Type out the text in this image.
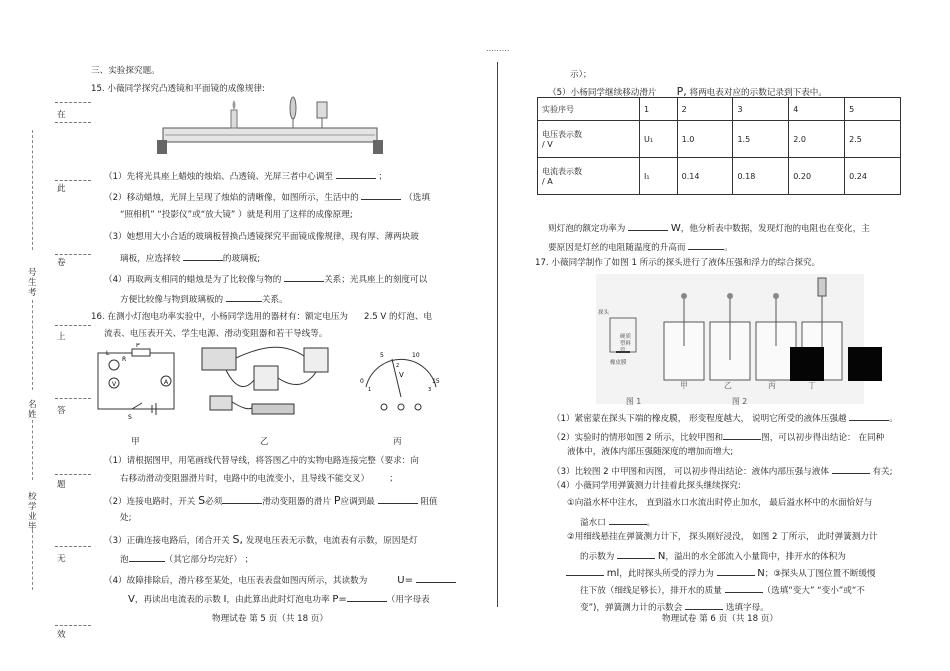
………
在
此
卷
上
答
题
无
效
号生考
名姓
校学业毕
三、实验探究题。
15. 小薇同学探究凸透镜和平面镜的成像规律:
（1）先将光具座上蜡烛的烛焰、凸透镜、光屏三者中心调至	；
（2）移动蜡烛，光屏上呈现了烛焰的清晰像，如图所示，生活中的	（选填
“照相机” “投影仪”或“放大镜” ）就是利用了这样的成像原理;
（3）她想用大小合适的玻璃板替换凸透镜探究平面镜成像规律，现有厚、薄两块玻
璃板，应选择较	的玻璃板;
（4）再取两支相同的蜡烛是为了比较像与物的	关系；光具座上的刻度可以
方便比较像与物到玻璃板的	关系。
16. 在测小灯泡电功率实验中，小杨同学选用的器材有：额定电压为 2.5 V 的灯泡、电
流表、电压表开关、学生电源、滑动变阻器和若干导线等。
L
V
P
A
R
S
0
5	10
15
V
1
2
3
甲	乙	丙
（1）请根据图甲，用笔画线代替导线，将答图乙中的实物电路连接完整（要求：向
右移动滑动变阻器滑片时，电路中的电流变小，且导线不能交叉） ；
（2）连接电路时，开关 S必须	滑动变阻器的滑片 P应调到最	阻值
处;
（3）正确连接电路后，闭合开关 S, 发现电压表无示数，电流表有示数，原因是灯
泡	（其它部分均完好） ；
（4）故障排除后，滑片移至某处，电压表表盘如图丙所示，其读数为	U=
V，再读出电流表的示数 I，由此算出此时灯泡电功率 P=	（用字母表
物理试卷 第 5 页（共 18 页）
示）；
（5）小杨同学继续移动滑片 P, 将两电表对应的示数记录到下表中。
实验序号	1	2	3	4	5
电压表示数
/ V	U₁	1.0	1.5	2.0	2.5
电流表示数
/ A	I₁	0.14	0.18	0.20	0.24
则灯泡的额定功率为	W，他分析表中数据，发现灯泡的电阻也在变化，主
要原因是灯丝的电阻随温度的升高而	。
17. 小薇同学制作了如图 1 所示的探头进行了液体压强和浮力的综合探究。
探头
硬质
塑料
管
橡皮膜
图 1	图 2
甲	乙	丙	丁
（1）紧密蒙在探头下端的橡皮膜， 形变程度越大， 说明它所受的液体压强越	。
（2）实验时的情形如图 2 所示，比较甲图和	图，可以初步得出结论： 在同种
液体中，液体内部压强随深度的增加而增大;
（3）比较图 2 中甲图和丙图， 可以初步得出结论：液体内部压强与液体	有关;
（4）小薇同学用弹簧测力计挂着此探头继续探究:
①向溢水杯中注水， 直到溢水口水流出时停止加水， 最后溢水杯中的水面恰好与
溢水口	。
②用细线悬挂在弹簧测力计下， 探头刚好浸没， 如图 2 丁所示， 此时弹簧测力计
的示数为	N，溢出的水全部流入小量筒中，排开水的体积为
ml，此时探头所受的浮力为	N；③探头从丁图位置不断缓慢
往下放（细线足够长），排开水的质量	（选填“变大” “变小”或“不
变”)，弹簧测力计的示数会	选填字母。
物理试卷 第 6 页（共 18 页）
